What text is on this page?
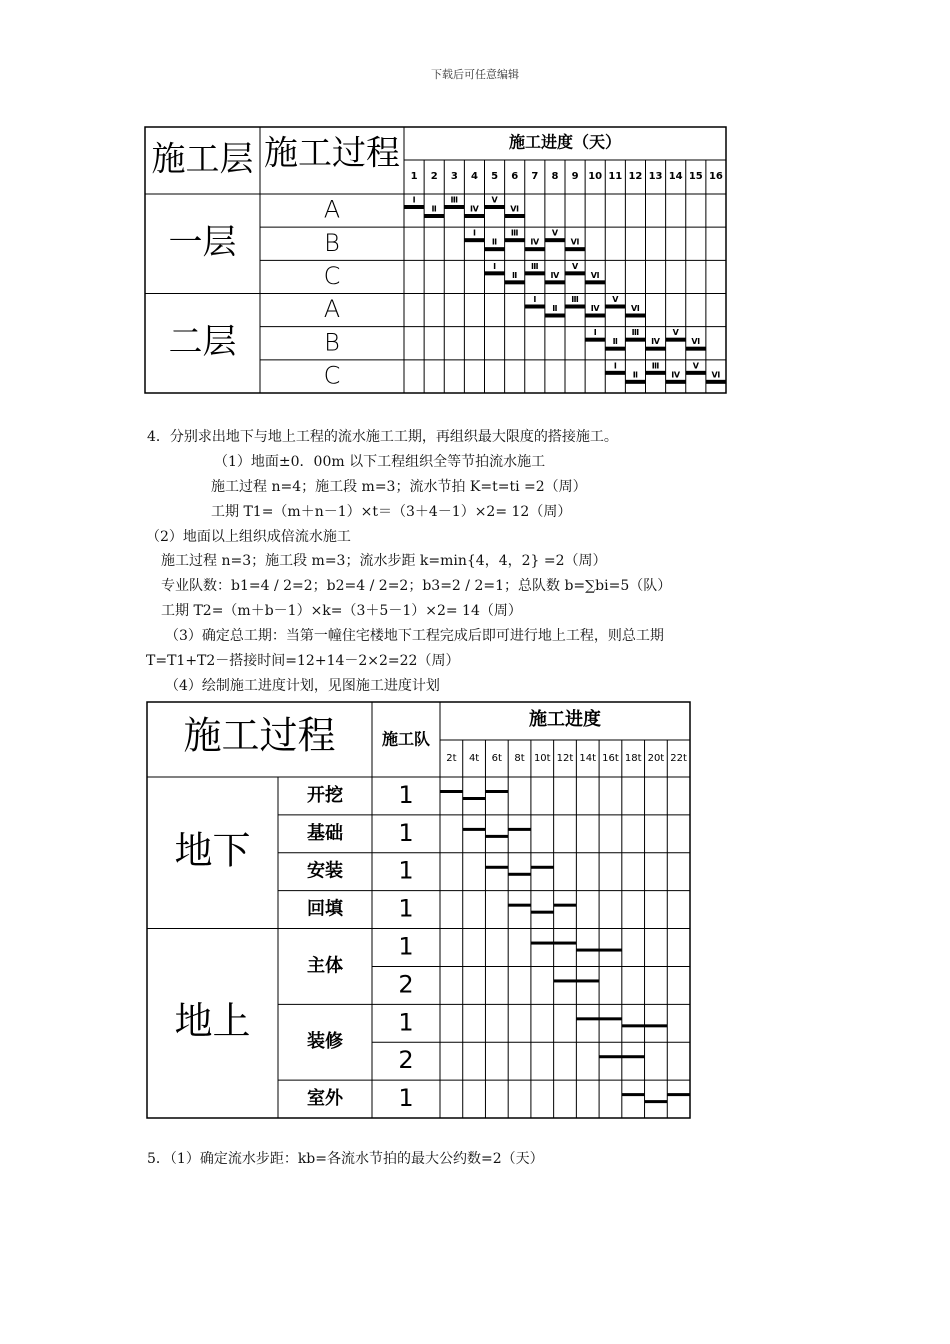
下载后可任意编辑
施工层 施工过程	施工进度（天）
1 2 3 4 5 6 7 8 9 10 11 12 13 14 15 16
一层
A
B
C
二层
A
B
C
Ⅰ
Ⅱ
Ⅲ
Ⅳ
Ⅴ
Ⅵ
Ⅰ
Ⅱ
Ⅲ
Ⅳ
Ⅴ
Ⅵ
Ⅰ
Ⅱ
Ⅲ
Ⅳ
Ⅴ
Ⅵ
Ⅰ
Ⅱ
Ⅲ
Ⅳ
Ⅴ
Ⅵ
Ⅰ
Ⅱ
Ⅲ
Ⅳ
Ⅴ
Ⅵ
Ⅰ
Ⅱ
Ⅲ
Ⅳ
Ⅴ
Ⅵ
施工过程	施工队
施工进度
2t 4t 6t 8t 10t 12t 14t 16t 18t 20t 22t
开挖 1
基础 1
安装 1
回填 1
地下
主体
1
2
装修
1
2
室外 1
地上
4．分别求出地下与地上工程的流水施工工期，再组织最大限度的搭接施工。
（1）地面±0．00m 以下工程组织全等节拍流水施工
施工过程 n=4；施工段 m=3；流水节拍 K=t=ti =2（周）
工期 T1=（m＋n－1）×t＝（3＋4－1）×2= 12（周）
（2）地面以上组织成倍流水施工
施工过程 n=3；施工段 m=3；流水步距 k=min{4，4，2} =2（周）
专业队数：b1=4 / 2=2；b2=4 / 2=2；b3=2 / 2=1；总队数 b=∑bi=5（队）
工期 T2=（m＋b－1）×k=（3＋5－1）×2= 14（周）
（3）确定总工期：当第一幢住宅楼地下工程完成后即可进行地上工程，则总工期
T=T1+T2－搭接时间=12+14－2×2=22（周）
（4）绘制施工进度计划，见图施工进度计划
5．（1）确定流水步距：kb=各流水节拍的最大公约数=2（天）
